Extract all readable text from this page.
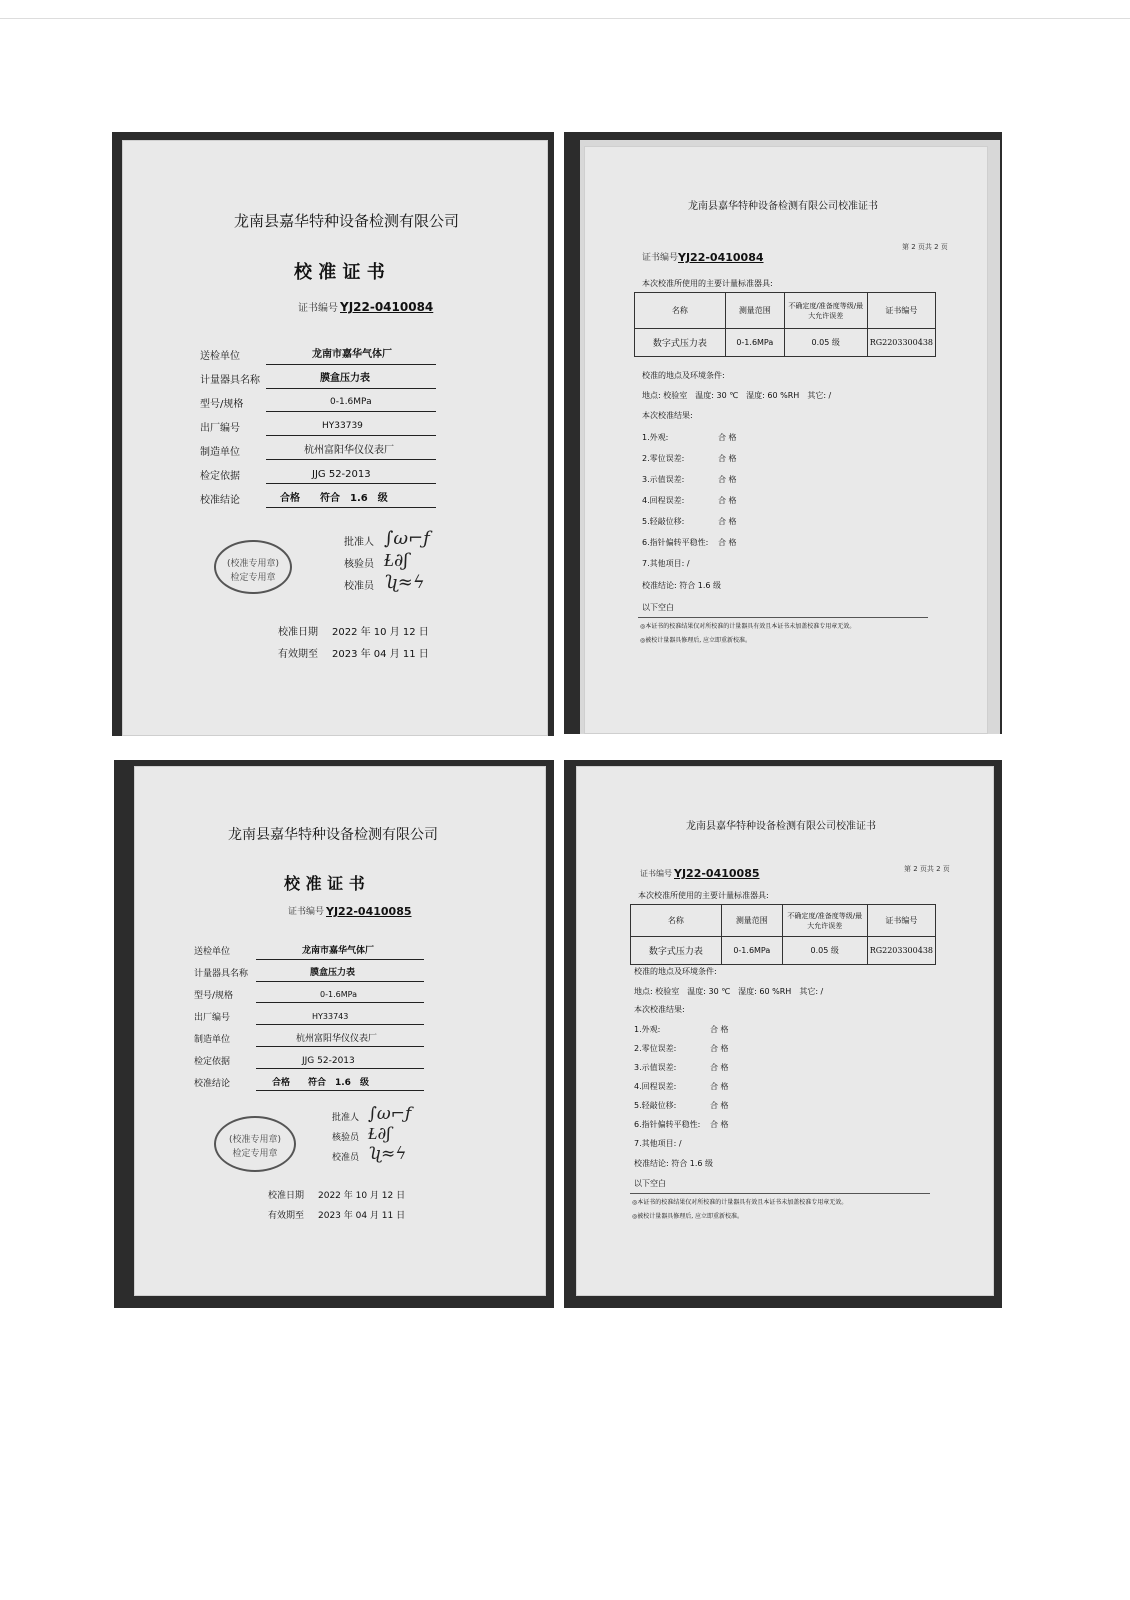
龙南县嘉华特种设备检测有限公司
校 准 证 书
证书编号 YJ22-0410084
送检单位	龙南市嘉华气体厂
计量器具名称	膜盒压力表
型号/规格	0-1.6MPa
出厂编号	HY33739
制造单位	杭州富阳华仪仪表厂
检定依据	JJG 52-2013
校准结论	合格　　符合　1.6　级
(校准专用章)
检定专用章
批准人 ∫ω⌐ƒ
核验员 Ɫ∂ʃ
校准员 ʯ≈ϟ
校准日期 2022 年 10 月 12 日
有效期至 2023 年 04 月 11 日
龙南县嘉华特种设备检测有限公司校准证书
第 2 页共 2 页
证书编号 YJ22-0410084
本次校准所使用的主要计量标准器具:
名称	测量范围	不确定度/准备度等级/最大允许误差	证书编号
数字式压力表	0-1.6MPa	0.05 级	RG2203300438
校准的地点及环境条件:
地点: 校验室　温度: 30 ℃　湿度: 60 %RH　其它: /
本次校准结果:
1.外观:	合 格
2.零位误差:	合 格
3.示值误差:	合 格
4.回程误差:	合 格
5.轻敲位移:	合 格
6.指针偏转平稳性: 合 格
7.其他项目: /
校准结论: 符合 1.6 级
以下空白
◎本证书的校准结果仅对所校准的计量器具有效且本证书未加盖校准专用章无效。
◎被校计量器具修理后, 应立即重新校准。
龙南县嘉华特种设备检测有限公司
校 准 证 书
证书编号 YJ22-0410085
送检单位	龙南市嘉华气体厂
计量器具名称	膜盒压力表
型号/规格	0-1.6MPa
出厂编号	HY33743
制造单位	杭州富阳华仪仪表厂
检定依据	JJG 52-2013
校准结论	合格　　符合　1.6　级
(校准专用章)
检定专用章
批准人 ∫ω⌐ƒ
核验员 Ɫ∂ʃ
校准员 ʯ≈ϟ
校准日期 2022 年 10 月 12 日
有效期至 2023 年 04 月 11 日
龙南县嘉华特种设备检测有限公司校准证书
第 2 页共 2 页
证书编号 YJ22-0410085
本次校准所使用的主要计量标准器具:
名称	测量范围	不确定度/准备度等级/最大允许误差	证书编号
数字式压力表	0-1.6MPa	0.05 级	RG2203300438
校准的地点及环境条件:
地点: 校验室　温度: 30 ℃　湿度: 60 %RH　其它: /
本次校准结果:
1.外观:	合 格
2.零位误差:	合 格
3.示值误差:	合 格
4.回程误差:	合 格
5.轻敲位移:	合 格
6.指针偏转平稳性: 合 格
7.其他项目: /
校准结论: 符合 1.6 级
以下空白
◎本证书的校准结果仅对所校准的计量器具有效且本证书未加盖校准专用章无效。
◎被校计量器具修理后, 应立即重新校准。
